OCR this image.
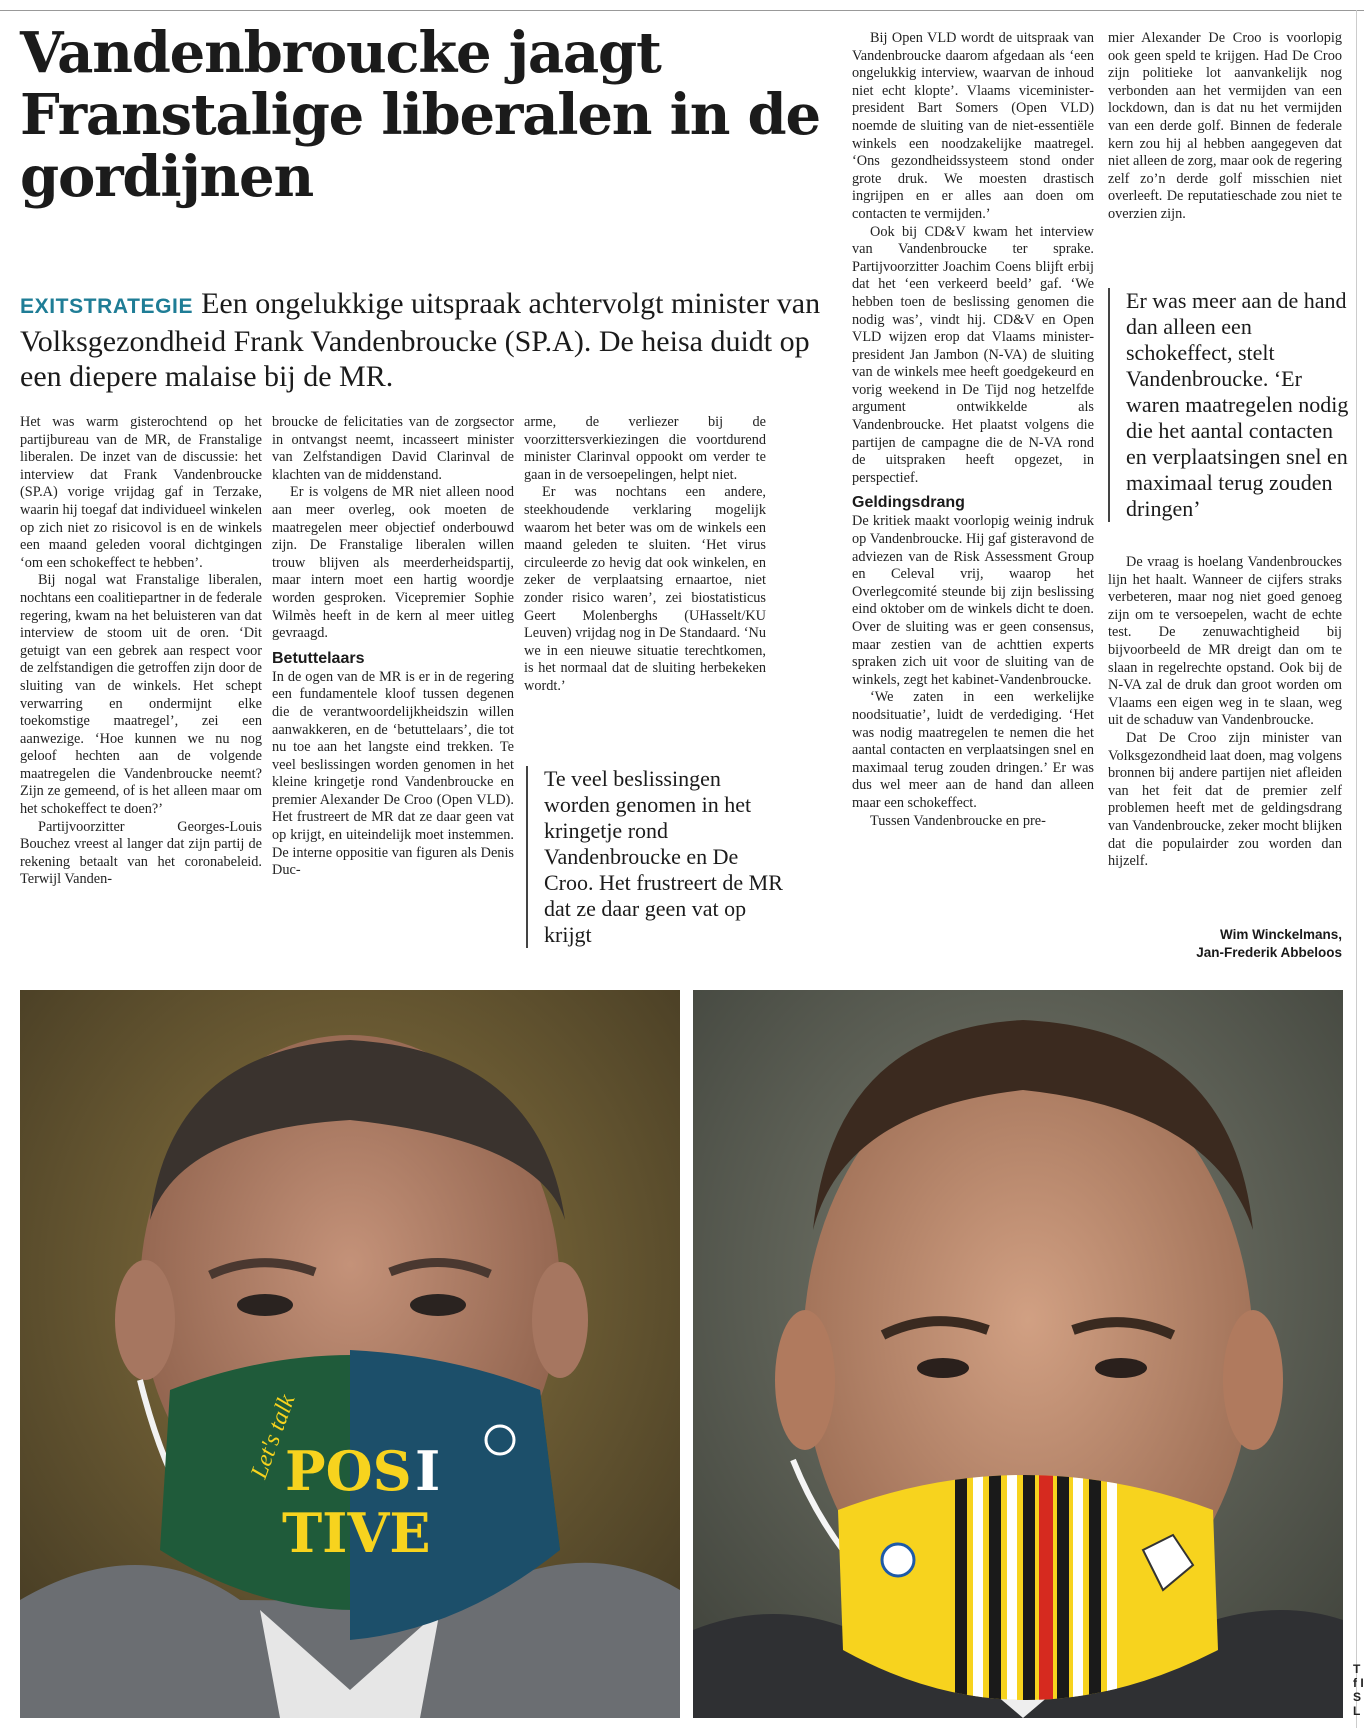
Vandenbroucke jaagt Franstalige liberalen in de gordijnen

EXITSTRATEGIE Een ongelukkige uitspraak achtervolgt minister van Volksgezondheid Frank Vandenbroucke (SP.A). De heisa duidt op een diepere malaise bij de MR.

Het was warm gisterochtend op het partijbureau van de MR, de Franstalige liberalen. De inzet van de discussie: het interview dat Frank Vandenbroucke (SP.A) vorige vrijdag gaf in Terzake, waarin hij toegaf dat individueel winkelen op zich niet zo risicovol is en de winkels een maand geleden vooral dichtgingen ‘om een schokeffect te hebben’.

Bij nogal wat Franstalige liberalen, nochtans een coalitiepartner in de federale regering, kwam na het beluisteren van dat interview de stoom uit de oren. ‘Dit getuigt van een gebrek aan respect voor de zelfstandigen die getroffen zijn door de sluiting van de winkels. Het schept verwarring en ondermijnt elke toekomstige maatregel’, zei een aanwezige. ‘Hoe kunnen we nu nog geloof hechten aan de volgende maatregelen die Vandenbroucke neemt? Zijn ze gemeend, of is het alleen maar om het schokeffect te doen?’

Partijvoorzitter Georges-Louis Bouchez vreest al langer dat zijn partij de rekening betaalt van het coronabeleid. Terwijl Vanden-

broucke de felicitaties van de zorgsector in ontvangst neemt, incasseert minister van Zelfstandigen David Clarinval de klachten van de middenstand.

Er is volgens de MR niet alleen nood aan meer overleg, ook moeten de maatregelen meer objectief onderbouwd zijn. De Franstalige liberalen willen trouw blijven als meerderheidspartij, maar intern moet een hartig woordje worden gesproken. Vicepremier Sophie Wilmès heeft in de kern al meer uitleg gevraagd.

Betuttelaars

In de ogen van de MR is er in de regering een fundamentele kloof tussen degenen die de verantwoordelijkheidszin willen aanwakkeren, en de ‘betuttelaars’, die tot nu toe aan het langste eind trekken. Te veel beslissingen worden genomen in het kleine kringetje rond Vandenbroucke en premier Alexander De Croo (Open VLD). Het frustreert de MR dat ze daar geen vat op krijgt, en uiteindelijk moet instemmen. De interne oppositie van figuren als Denis Duc-

arme, de verliezer bij de voorzittersverkiezingen die voortdurend minister Clarinval oppookt om verder te gaan in de versoepelingen, helpt niet.

Er was nochtans een andere, steekhoudende verklaring mogelijk waarom het beter was om de winkels een maand geleden te sluiten. ‘Het virus circuleerde zo hevig dat ook winkelen, en zeker de verplaatsing ernaartoe, niet zonder risico waren’, zei biostatisticus Geert Molenberghs (UHasselt/KU Leuven) vrijdag nog in De Standaard. ‘Nu we in een nieuwe situatie terechtkomen, is het normaal dat de sluiting herbekeken wordt.’

Te veel beslissingen worden genomen in het kringetje rond Vandenbroucke en De Croo. Het frustreert de MR dat ze daar geen vat op krijgt

Bij Open VLD wordt de uitspraak van Vandenbroucke daarom afgedaan als ‘een ongelukkig interview, waarvan de inhoud niet echt klopte’. Vlaams viceminister-president Bart Somers (Open VLD) noemde de sluiting van de niet-essentiële winkels een noodzakelijke maatregel. ‘Ons gezondheidssysteem stond onder grote druk. We moesten drastisch ingrijpen en er alles aan doen om contacten te vermijden.’

Ook bij CD&V kwam het interview van Vandenbroucke ter sprake. Partijvoorzitter Joachim Coens blijft erbij dat het ‘een verkeerd beeld’ gaf. ‘We hebben toen de beslissing genomen die nodig was’, vindt hij. CD&V en Open VLD wijzen erop dat Vlaams minister-president Jan Jambon (N-VA) de sluiting van de winkels mee heeft goedgekeurd en vorig weekend in De Tijd nog hetzelfde argument ontwikkelde als Vandenbroucke. Het plaatst volgens die partijen de campagne die de N-VA rond de uitspraken heeft opgezet, in perspectief.

Geldingsdrang

De kritiek maakt voorlopig weinig indruk op Vandenbroucke. Hij gaf gisteravond de adviezen van de Risk Assessment Group en Celeval vrij, waarop het Overlegcomité steunde bij zijn beslissing eind oktober om de winkels dicht te doen. Over de sluiting was er geen consensus, maar zestien van de achttien experts spraken zich uit voor de sluiting van de winkels, zegt het kabinet-Vandenbroucke.

‘We zaten in een werkelijke noodsituatie’, luidt de verdediging. ‘Het was nodig maatregelen te nemen die het aantal contacten en verplaatsingen snel en maximaal terug zouden dringen.’ Er was dus wel meer aan de hand dan alleen maar een schokeffect.

Tussen Vandenbroucke en pre-

mier Alexander De Croo is voorlopig ook geen speld te krijgen. Had De Croo zijn politieke lot aanvankelijk nog verbonden aan het vermijden van een lockdown, dan is dat nu het vermijden van een derde golf. Binnen de federale kern zou hij al hebben aangegeven dat niet alleen de zorg, maar ook de regering zelf zo’n derde golf misschien niet overleeft. De reputatieschade zou niet te overzien zijn.

Er was meer aan de hand dan alleen een schokeffect, stelt Vandenbroucke. ‘Er waren maatregelen nodig die het aantal contacten en verplaatsingen snel en maximaal terug zouden dringen’

De vraag is hoelang Vandenbrouckes lijn het haalt. Wanneer de cijfers straks verbeteren, maar nog niet goed genoeg zijn om te versoepelen, wacht de echte test. De zenuwachtigheid bij bijvoorbeeld de MR dreigt dan om te slaan in regelrechte opstand. Ook bij de N-VA zal de druk dan groot worden om Vlaams een eigen weg in te slaan, weg uit de schaduw van Vandenbroucke.

Dat De Croo zijn minister van Volksgezondheid laat doen, mag volgens bronnen bij andere partijen niet afleiden van het feit dat de premier zelf problemen heeft met de geldingsdrang van Vandenbroucke, zeker mocht blijken dat die populairder zou worden dan hijzelf.

Wim Winckelmans,
Jan-Frederik Abbeloos
Let's talk
POS I
TIVE
T f I S L
